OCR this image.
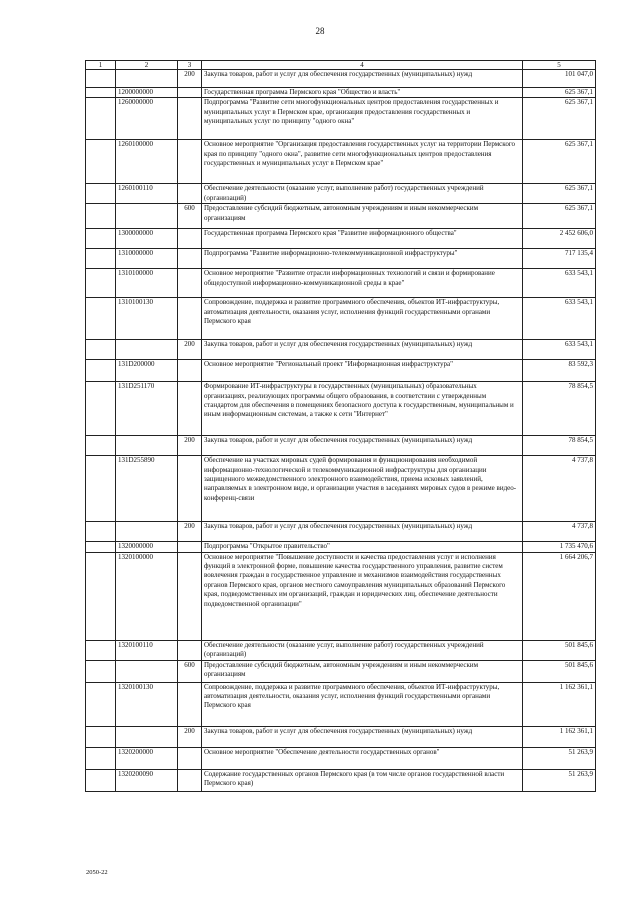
28
1	2	3	4	5
		200	Закупка товаров, работ и услуг для обеспечения государственных (муниципальных) нужд	101 047,0
	1200000000		Государственная программа Пермского края "Общество и власть"	625 367,1
	1260000000		Подпрограмма "Развитие сети многофункциональных центров предоставления государственных и муниципальных услуг в Пермском крае, организация предоставления государственных и муниципальных услуг по принципу "одного окна"	625 367,1
	1260100000		Основное мероприятие "Организация предоставления государственных услуг на территории Пермского края по принципу "одного окна", развитие сети многофункциональных центров предоставления государственных и муниципальных услуг в Пермском крае"	625 367,1
	1260100110		Обеспечение деятельности (оказание услуг, выполнение работ) государственных учреждений (организаций)	625 367,1
		600	Предоставление субсидий бюджетным, автономным учреждениям и иным некоммерческим организациям	625 367,1
	1300000000		Государственная программа Пермского края "Развитие информационного общества"	2 452 606,0
	1310000000		Подпрограмма "Развитие информационно-телекоммуникационной инфраструктуры"	717 135,4
	1310100000		Основное мероприятие "Развитие отрасли информационных технологий и связи и формирование общедоступной информационно-коммуникационной среды в крае"	633 543,1
	1310100130		Сопровождение, поддержка и развитие программного обеспечения, объектов ИТ-инфраструктуры, автоматизация деятельности, оказания услуг, исполнения функций государственными органами Пермского края	633 543,1
		200	Закупка товаров, работ и услуг для обеспечения государственных (муниципальных) нужд	633 543,1
	131D200000		Основное мероприятие "Региональный проект "Информационная инфраструктура"	83 592,3
	131D251170		Формирование ИТ-инфраструктуры в государственных (муниципальных) образовательных организациях, реализующих программы общего образования, в соответствии с утвержденным стандартом для обеспечения в помещениях безопасного доступа к государственным, муниципальным и иным информационным системам, а также к сети "Интернет"	78 854,5
		200	Закупка товаров, работ и услуг для обеспечения государственных (муниципальных) нужд	78 854,5
	131D255890		Обеспечение на участках мировых судей формирования и функционирования необходимой информационно-технологической и телекоммуникационной инфраструктуры для организации защищенного межведомственного электронного взаимодействия, приема исковых заявлений, направляемых в электронном виде, и организации участия в заседаниях мировых судов в режиме видео-конференц-связи	4 737,8
		200	Закупка товаров, работ и услуг для обеспечения государственных (муниципальных) нужд	4 737,8
	1320000000		Подпрограмма "Открытое правительство"	1 735 470,6
	1320100000		Основное мероприятие "Повышение доступности и качества предоставления услуг и исполнения функций в электронной форме, повышение качества государственного управления, развитие систем вовлечения граждан в государственное управление и механизмов взаимодействия государственных органов Пермского края, органов местного самоуправления муниципальных образований Пермского края, подведомственных им организаций, граждан и юридических лиц, обеспечение деятельности подведомственной организации"	1 664 206,7
	1320100110		Обеспечение деятельности (оказание услуг, выполнение работ) государственных учреждений (организаций)	501 845,6
		600	Предоставление субсидий бюджетным, автономным учреждениям и иным некоммерческим организациям	501 845,6
	1320100130		Сопровождение, поддержка и развитие программного обеспечения, объектов ИТ-инфраструктуры, автоматизация деятельности, оказания услуг, исполнения функций государственными органами Пермского края	1 162 361,1
		200	Закупка товаров, работ и услуг для обеспечения государственных (муниципальных) нужд	1 162 361,1
	1320200000		Основное мероприятие "Обеспечение деятельности государственных органов"	51 263,9
	1320200090		Содержание государственных органов Пермского края (в том числе органов государственной власти Пермского края)	51 263,9
2050-22
